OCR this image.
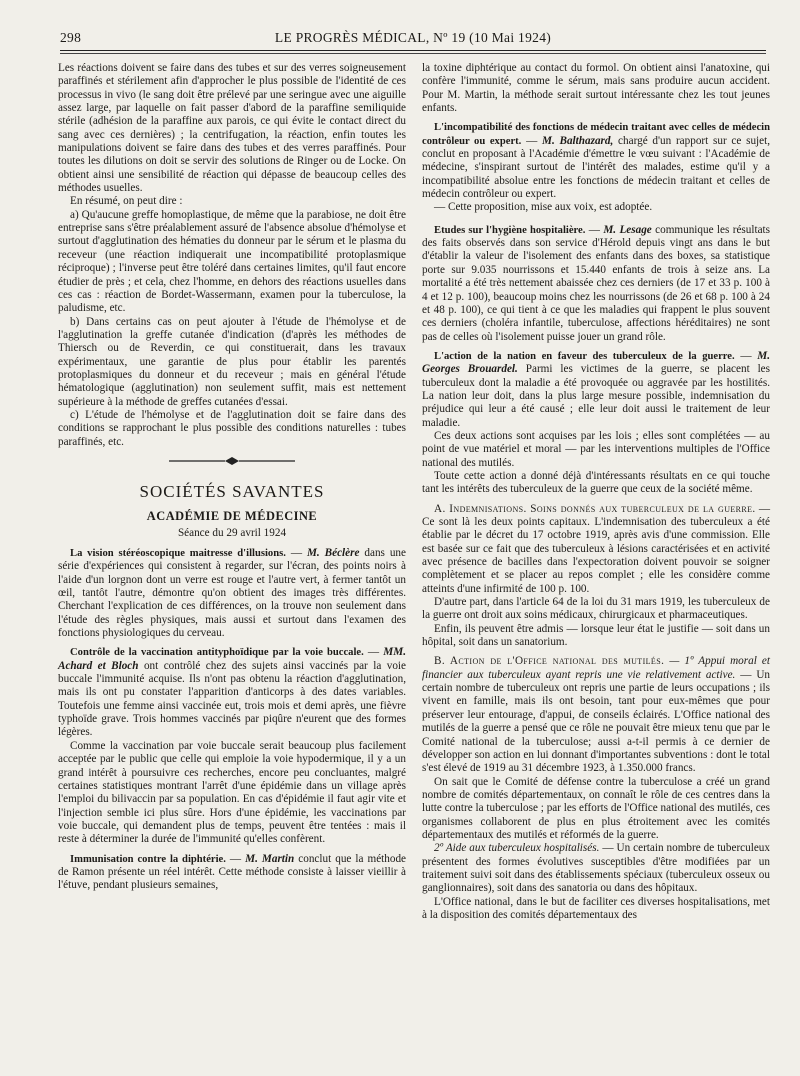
298	LE PROGRÈS MÉDICAL, Nº 19 (10 Mai 1924)

Les réactions doivent se faire dans des tubes et sur des verres soigneusement paraffinés et stérilement afin d'approcher le plus possible de l'identité de ces processus in vivo (le sang doit être prélevé par une seringue avec une aiguille assez large, par laquelle on fait passer d'abord de la paraffine semiliquide stérile (adhésion de la paraffine aux parois, ce qui évite le contact direct du sang avec ces dernières) ; la centrifugation, la réaction, enfin toutes les manipulations doivent se faire dans des tubes et des verres paraffinés. Pour toutes les dilutions on doit se servir des solutions de Ringer ou de Locke. On obtient ainsi une sensibilité de réaction qui dépasse de beaucoup celles des méthodes usuelles.

En résumé, on peut dire :

a) Qu'aucune greffe homoplastique, de même que la parabiose, ne doit être entreprise sans s'être préalablement assuré de l'absence absolue d'hémolyse et surtout d'agglutination des hématies du donneur par le sérum et le plasma du receveur (une réaction indiquerait une incompatibilité protoplasmique réciproque) ; l'inverse peut être toléré dans certaines limites, qu'il faut encore étudier de près ; et cela, chez l'homme, en dehors des réactions usuelles dans ces cas : réaction de Bordet-Wassermann, examen pour la tuberculose, la paludisme, etc.

b) Dans certains cas on peut ajouter à l'étude de l'hémolyse et de l'agglutination la greffe cutanée d'indication (d'après les méthodes de Thiersch ou de Reverdin, ce qui constituerait, dans les travaux expérimentaux, une garantie de plus pour établir les parentés protoplasmiques du donneur et du receveur ; mais en général l'étude hématologique (agglutination) non seulement suffit, mais est nettement supérieure à la méthode de greffes cutanées d'essai.

c) L'étude de l'hémolyse et de l'agglutination doit se faire dans des conditions se rapprochant le plus possible des conditions naturelles : tubes paraffinés, etc.

SOCIÉTÉS SAVANTES
ACADÉMIE DE MÉDECINE
Séance du 29 avril 1924

La vision stéréoscopique maitresse d'illusions. — M. Béclère dans une série d'expériences qui consistent à regarder, sur l'écran, des points noirs à l'aide d'un lorgnon dont un verre est rouge et l'autre vert, à fermer tantôt un œil, tantôt l'autre, démontre qu'on obtient des images très différentes. Cherchant l'explication de ces différences, on la trouve non seulement dans l'étude des règles physiques, mais aussi et surtout dans l'examen des fonctions physiologiques du cerveau.

Contrôle de la vaccination antityphoïdique par la voie buccale. — MM. Achard et Bloch ont contrôlé chez des sujets ainsi vaccinés par la voie buccale l'immunité acquise. Ils n'ont pas obtenu la réaction d'agglutination, mais ils ont pu constater l'apparition d'anticorps à des dates variables. Toutefois une femme ainsi vaccinée eut, trois mois et demi après, une fièvre typhoïde grave. Trois hommes vaccinés par piqûre n'eurent que des formes légères.

Comme la vaccination par voie buccale serait beaucoup plus facilement acceptée par le public que celle qui emploie la voie hypodermique, il y a un grand intérêt à poursuivre ces recherches, encore peu concluantes, malgré certaines statistiques montrant l'arrêt d'une épidémie dans un village après l'emploi du bilivaccin par sa population. En cas d'épidémie il faut agir vite et l'injection semble ici plus sûre. Hors d'une épidémie, les vaccinations par voie buccale, qui demandent plus de temps, peuvent être tentées : mais il reste à déterminer la durée de l'immunité qu'elles confèrent.

Immunisation contre la diphtérie. — M. Martin conclut que la méthode de Ramon présente un réel intérêt. Cette méthode consiste à laisser vieillir à l'étuve, pendant plusieurs semaines,

la toxine diphtérique au contact du formol. On obtient ainsi l'anatoxine, qui confère l'immunité, comme le sérum, mais sans produire aucun accident. Pour M. Martin, la méthode serait surtout intéressante chez les tout jeunes enfants.

L'incompatibilité des fonctions de médecin traitant avec celles de médecin contrôleur ou expert. — M. Balthazard, chargé d'un rapport sur ce sujet, conclut en proposant à l'Académie d'émettre le vœu suivant : l'Académie de médecine, s'inspirant surtout de l'intérêt des malades, estime qu'il y a incompatibilité absolue entre les fonctions de médecin traitant et celles de médecin contrôleur ou expert.

— Cette proposition, mise aux voix, est adoptée.

Etudes sur l'hygiène hospitalière. — M. Lesage communique les résultats des faits observés dans son service d'Hérold depuis vingt ans dans le but d'établir la valeur de l'isolement des enfants dans des boxes, sa statistique porte sur 9.035 nourrissons et 15.440 enfants de trois à seize ans. La mortalité a été très nettement abaissée chez ces derniers (de 17 et 33 p. 100 à 4 et 12 p. 100), beaucoup moins chez les nourrissons (de 26 et 68 p. 100 à 24 et 48 p. 100), ce qui tient à ce que les maladies qui frappent le plus souvent ces derniers (choléra infantile, tuberculose, affections héréditaires) ne sont pas de celles où l'isolement puisse jouer un grand rôle.

L'action de la nation en faveur des tuberculeux de la guerre. — M. Georges Brouardel. Parmi les victimes de la guerre, se placent les tuberculeux dont la maladie a été provoquée ou aggravée par les hostilités. La nation leur doit, dans la plus large mesure possible, indemnisation du préjudice qui leur a été causé ; elle leur doit aussi le traitement de leur maladie.

Ces deux actions sont acquises par les lois ; elles sont complétées — au point de vue matériel et moral — par les interventions multiples de l'Office national des mutilés.

Toute cette action a donné déjà d'intéressants résultats en ce qui touche tant les intérêts des tuberculeux de la guerre que ceux de la société même.

A. Indemnisations. Soins donnés aux tuberculeux de la guerre. — Ce sont là les deux points capitaux. L'indemnisation des tuberculeux a été établie par le décret du 17 octobre 1919, après avis d'une commission. Elle est basée sur ce fait que des tuberculeux à lésions caractérisées et en activité avec présence de bacilles dans l'expectoration doivent pouvoir se soigner complètement et se placer au repos complet ; elle les considère comme atteints d'une infirmité de 100 p. 100.

D'autre part, dans l'article 64 de la loi du 31 mars 1919, les tuberculeux de la guerre ont droit aux soins médicaux, chirurgicaux et pharmaceutiques.

Enfin, ils peuvent être admis — lorsque leur état le justifie — soit dans un hôpital, soit dans un sanatorium.

B. Action de l'Office national des mutilés. — 1º Appui moral et financier aux tuberculeux ayant repris une vie relativement active. — Un certain nombre de tuberculeux ont repris une partie de leurs occupations ; ils vivent en famille, mais ils ont besoin, tant pour eux-mêmes que pour préserver leur entourage, d'appui, de conseils éclairés. L'Office national des mutilés de la guerre a pensé que ce rôle ne pouvait être mieux tenu que par le Comité national de la tuberculose; aussi a-t-il permis à ce dernier de développer son action en lui donnant d'importantes subventions : dont le total s'est élevé de 1919 au 31 décembre 1923, à 1.350.000 francs.

On sait que le Comité de défense contre la tuberculose a créé un grand nombre de comités départementaux, on connaît le rôle de ces centres dans la lutte contre la tuberculose ; par les efforts de l'Office national des mutilés, ces organismes collaborent de plus en plus étroitement avec les comités départementaux des mutilés et réformés de la guerre.

2º Aide aux tuberculeux hospitalisés. — Un certain nombre de tuberculeux présentent des formes évolutives susceptibles d'être modifiées par un traitement suivi soit dans des établissements spéciaux (tuberculeux osseux ou ganglionnaires), soit dans des sanatoria ou dans des hôpitaux.

L'Office national, dans le but de faciliter ces diverses hospitalisations, met à la disposition des comités départementaux des
